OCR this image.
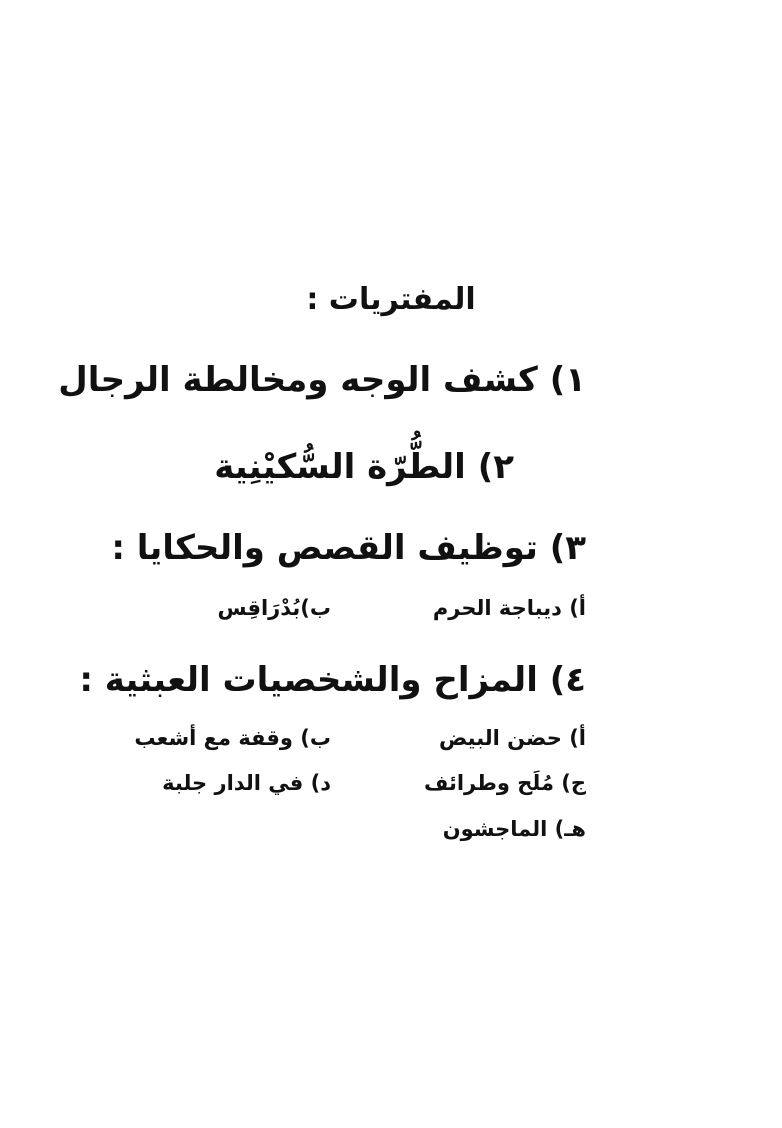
المفتريات :
١) كشف الوجه ومخالطة الرجال
٢) الطُّرّة السُّكيْنِية
٣) توظيف القصص والحكايا :
أ) ديباجة الحرم
ب)بُدْرَاقِس
٤) المزاح والشخصيات العبثية :
أ) حضن البيض
ب) وقفة مع أشعب
ج) مُلَح وطرائف
د) في الدار جلبة
هـ) الماجشون
